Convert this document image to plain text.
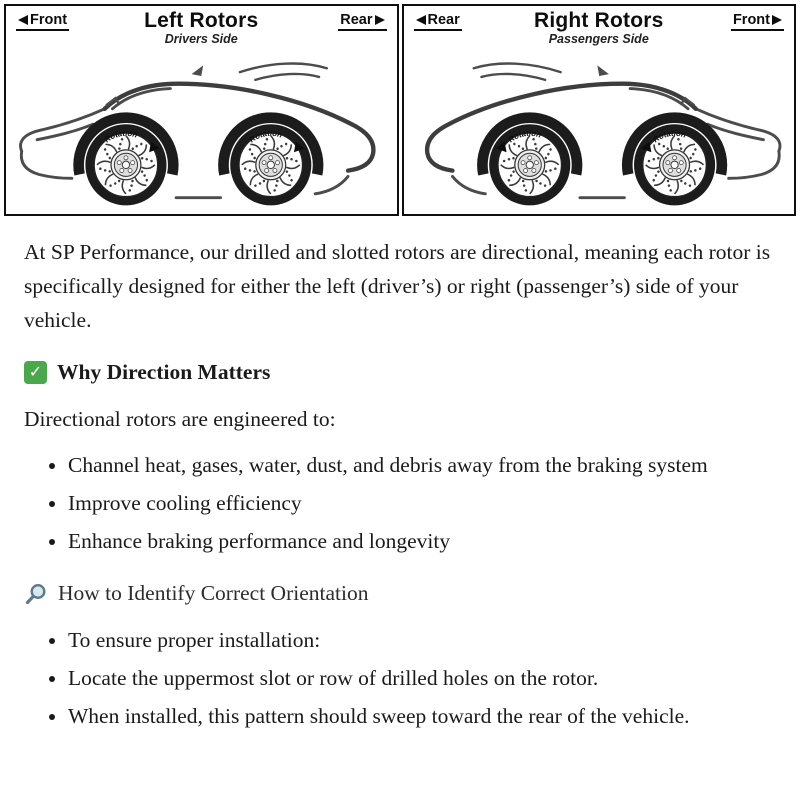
Front	Left Rotors
Drivers Side
Rear
Rotation	Rotation
Rear	Right Rotors
Passengers Side
Front
Rotation
Rotation

At SP Performance, our drilled and slotted rotors are directional, meaning each rotor is specifically designed for either the left (driver’s) or right (passenger’s) side of your vehicle.

✓
Why Direction Matters

Directional rotors are engineered to:

• Channel heat, gases, water, dust, and debris away from the braking system
• Improve cooling efficiency
• Enhance braking performance and longevity
How to Identify Correct Orientation
• To ensure proper installation:
• Locate the uppermost slot or row of drilled holes on the rotor.
• When installed, this pattern should sweep toward the rear of the vehicle.
